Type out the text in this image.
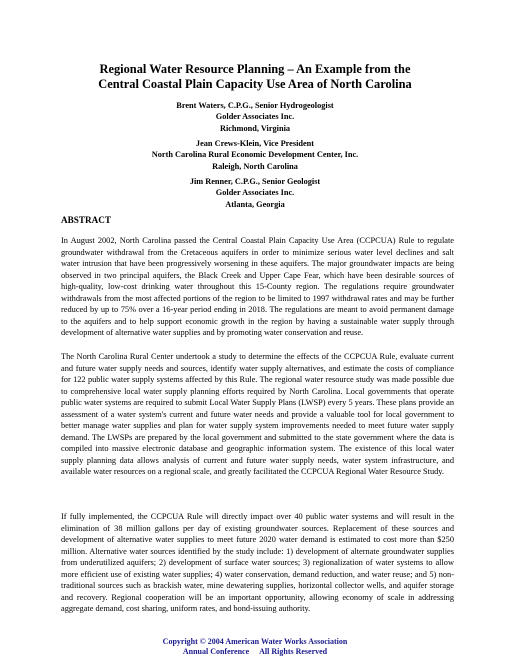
Regional Water Resource Planning – An Example from the
Central Coastal Plain Capacity Use Area of North Carolina
Brent Waters, C.P.G., Senior Hydrogeologist
Golder Associates Inc.
Richmond, Virginia
Jean Crews-Klein, Vice President
North Carolina Rural Economic Development Center, Inc.
Raleigh, North Carolina
Jim Renner, C.P.G., Senior Geologist
Golder Associates Inc.
Atlanta, Georgia
ABSTRACT
In August 2002, North Carolina passed the Central Coastal Plain Capacity Use Area (CCPCUA) Rule to regulate groundwater withdrawal from the Cretaceous aquifers in order to minimize serious water level declines and salt water intrusion that have been progressively worsening in these aquifers. The major groundwater impacts are being observed in two principal aquifers, the Black Creek and Upper Cape Fear, which have been desirable sources of high-quality, low-cost drinking water throughout this 15-County region. The regulations require groundwater withdrawals from the most affected portions of the region to be limited to 1997 withdrawal rates and may be further reduced by up to 75% over a 16-year period ending in 2018. The regulations are meant to avoid permanent damage to the aquifers and to help support economic growth in the region by having a sustainable water supply through development of alternative water supplies and by promoting water conservation and reuse.
The North Carolina Rural Center undertook a study to determine the effects of the CCPCUA Rule, evaluate current and future water supply needs and sources, identify water supply alternatives, and estimate the costs of compliance for 122 public water supply systems affected by this Rule. The regional water resource study was made possible due to comprehensive local water supply planning efforts required by North Carolina. Local governments that operate public water systems are required to submit Local Water Supply Plans (LWSP) every 5 years. These plans provide an assessment of a water system's current and future water needs and provide a valuable tool for local government to better manage water supplies and plan for water supply system improvements needed to meet future water supply demand. The LWSPs are prepared by the local government and submitted to the state government where the data is compiled into massive electronic database and geographic information system. The existence of this local water supply planning data allows analysis of current and future water supply needs, water system infrastructure, and available water resources on a regional scale, and greatly facilitated the CCPCUA Regional Water Resource Study.
If fully implemented, the CCPCUA Rule will directly impact over 40 public water systems and will result in the elimination of 38 million gallons per day of existing groundwater sources. Replacement of these sources and development of alternative water supplies to meet future 2020 water demand is estimated to cost more than $250 million. Alternative water sources identified by the study include: 1) development of alternate groundwater supplies from underutilized aquifers; 2) development of surface water sources; 3) regionalization of water systems to allow more efficient use of existing water supplies; 4) water conservation, demand reduction, and water reuse; and 5) non-traditional sources such as brackish water, mine dewatering supplies, horizontal collector wells, and aquifer storage and recovery. Regional cooperation will be an important opportunity, allowing economy of scale in addressing aggregate demand, cost sharing, uniform rates, and bond-issuing authority.
Copyright © 2004 American Water Works Association
Annual Conference All Rights Reserved
